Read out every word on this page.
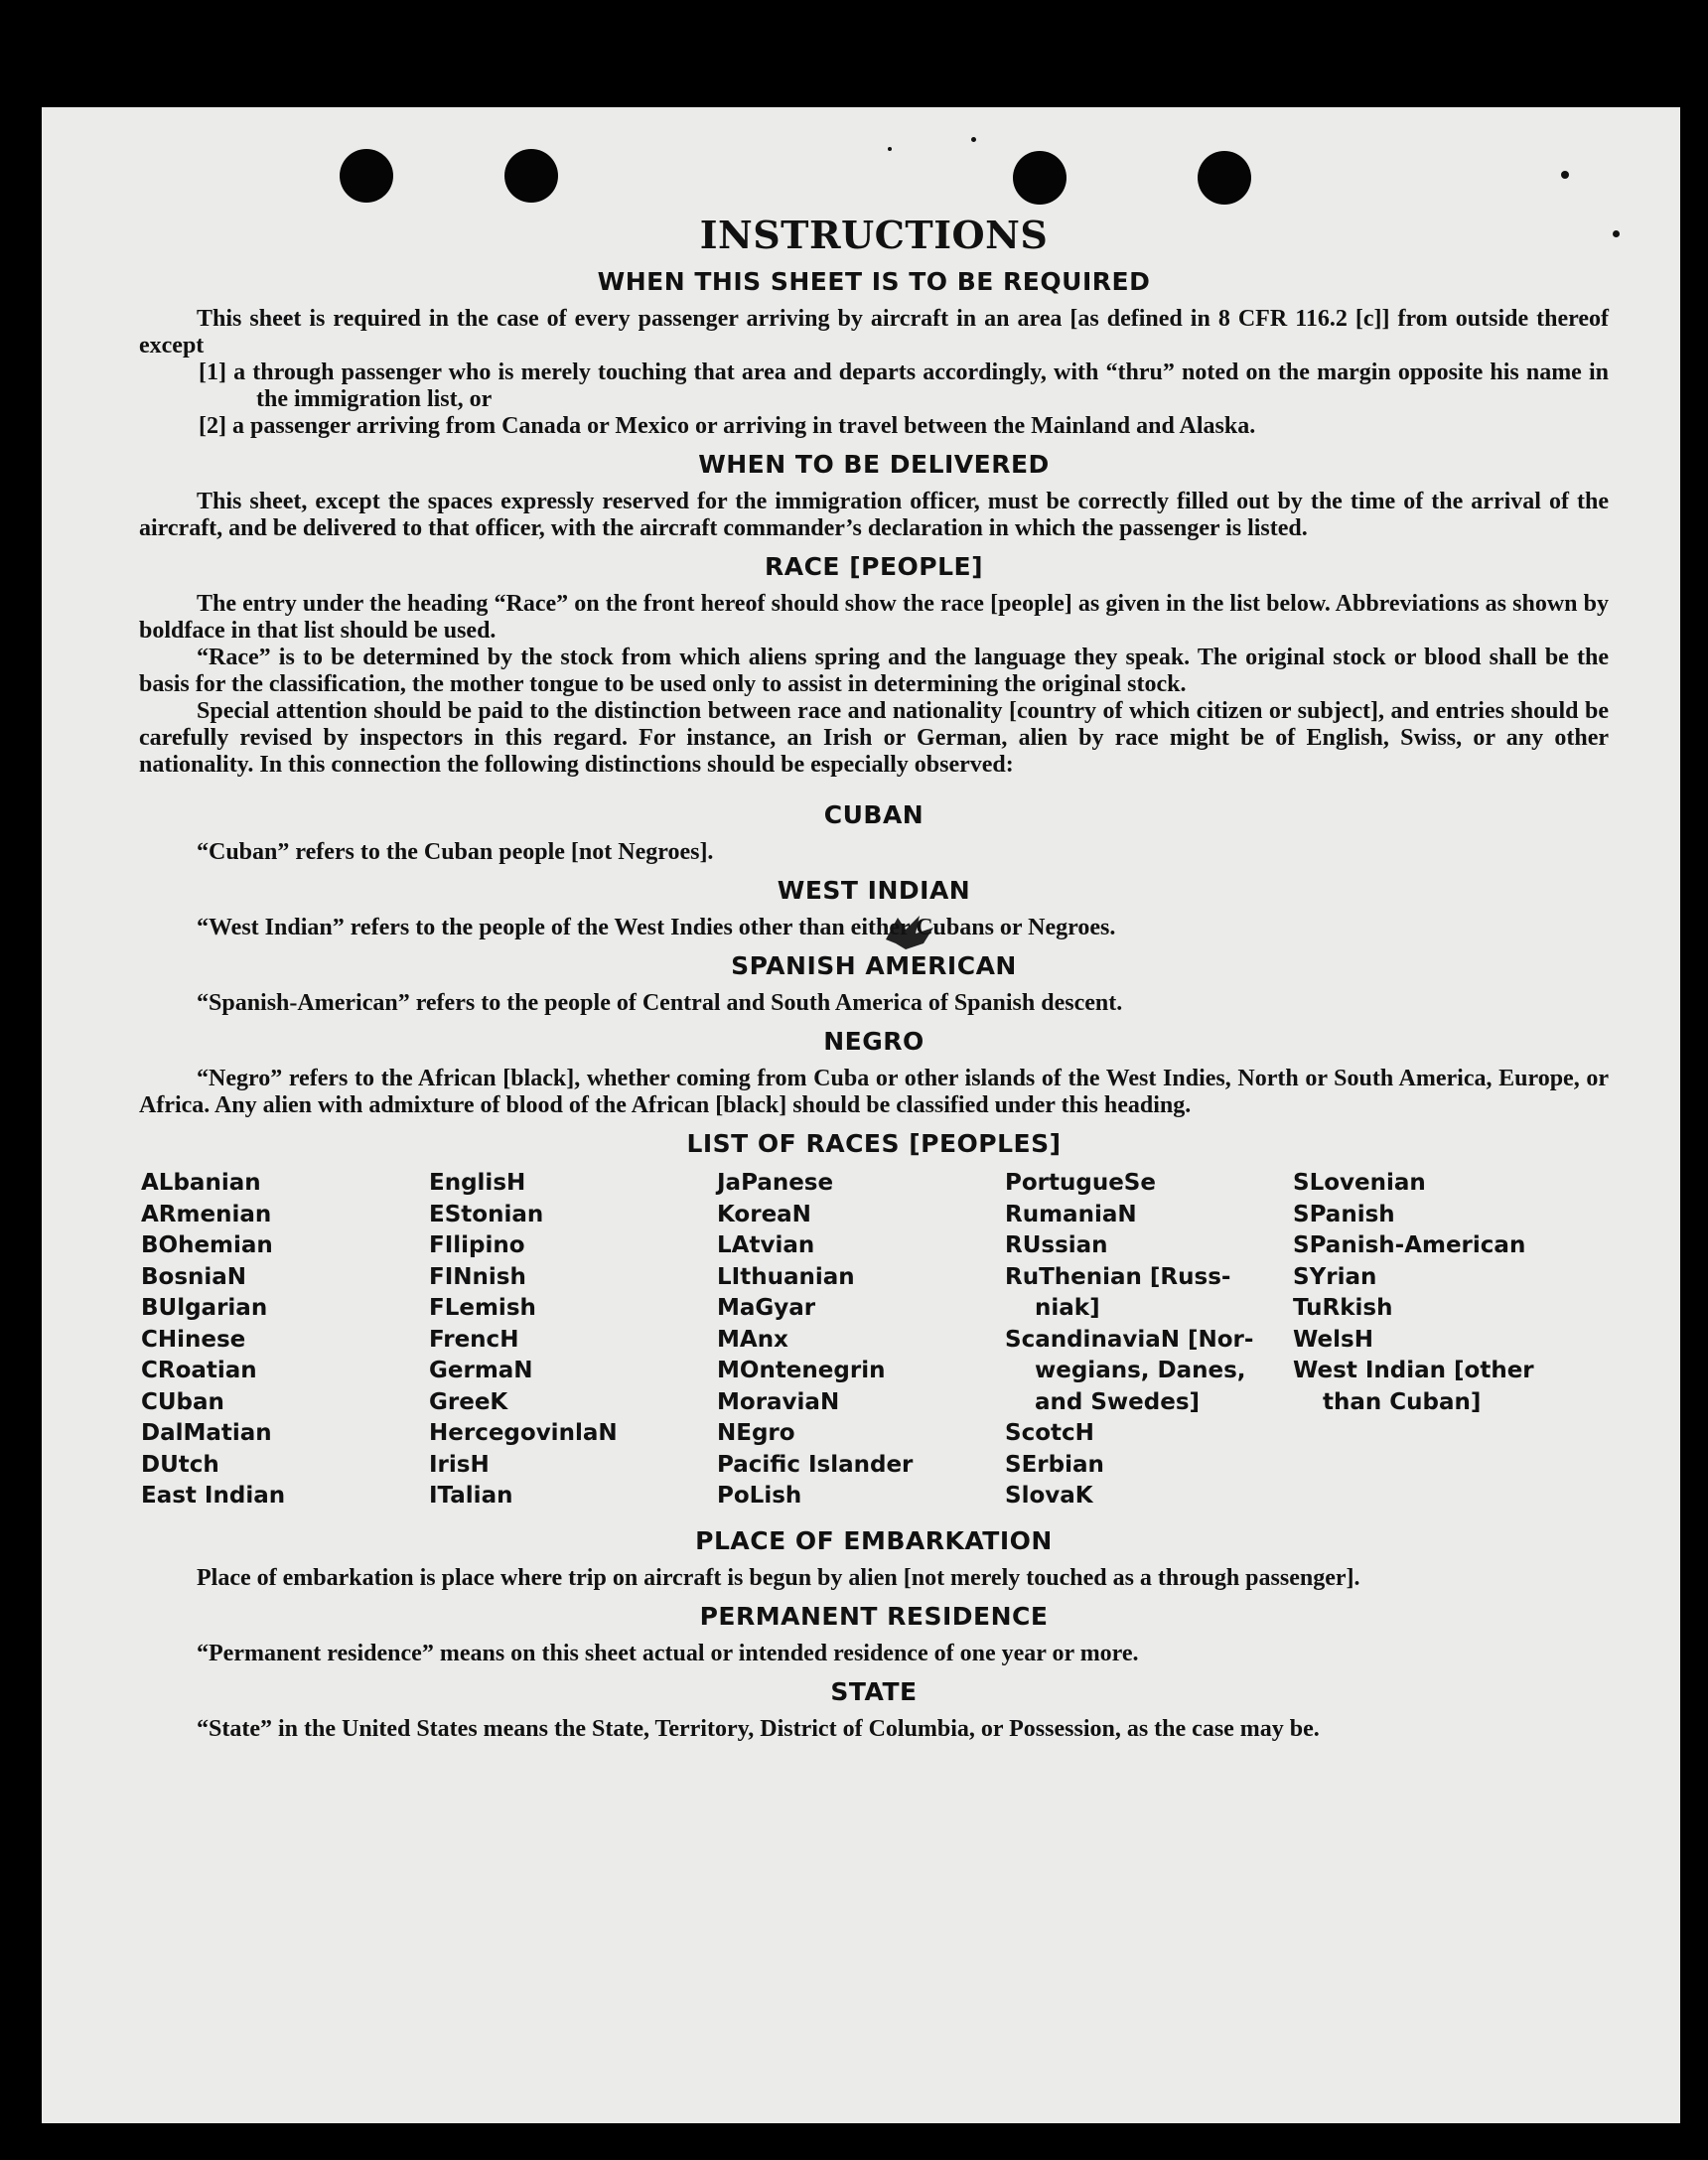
INSTRUCTIONS
WHEN THIS SHEET IS TO BE REQUIRED

This sheet is required in the case of every passenger arriving by aircraft in an area [as defined in 8 CFR 116.2 [c]] from outside thereof except

[1] a through passenger who is merely touching that area and departs accordingly, with “thru” noted on the margin opposite his name in the immigration list, or

[2] a passenger arriving from Canada or Mexico or arriving in travel between the Mainland and Alaska.

WHEN TO BE DELIVERED

This sheet, except the spaces expressly reserved for the immigration officer, must be correctly filled out by the time of the arrival of the aircraft, and be delivered to that officer, with the aircraft commander’s declaration in which the passenger is listed.

RACE [PEOPLE]

The entry under the heading “Race” on the front hereof should show the race [people] as given in the list below. Abbreviations as shown by boldface in that list should be used.

“Race” is to be determined by the stock from which aliens spring and the language they speak. The original stock or blood shall be the basis for the classification, the mother tongue to be used only to assist in determining the original stock.

Special attention should be paid to the distinction between race and nationality [country of which citizen or subject], and entries should be carefully revised by inspectors in this regard. For instance, an Irish or German, alien by race might be of English, Swiss, or any other nationality. In this connection the following distinctions should be especially observed:

CUBAN

“Cuban” refers to the Cuban people [not Negroes].

WEST INDIAN

“West Indian” refers to the people of the West Indies other than either Cubans or Negroes.

SPANISH AMERICAN

“Spanish-American” refers to the people of Central and South America of Spanish descent.

NEGRO

“Negro” refers to the African [black], whether coming from Cuba or other islands of the West Indies, North or South America, Europe, or Africa. Any alien with admixture of blood of the African [black] should be classified under this heading.

LIST OF RACES [PEOPLES]
ALbanian
ARmenian
BOhemian
BosniaN
BUlgarian
CHinese
CRoatian
CUban
DalMatian
DUtch
East Indian
EnglisH
EStonian
FIlipino
FINnish
FLemish
FrencH
GermaN
GreeK
HercegovinlaN
IrisH
ITalian
JaPanese
KoreaN
LAtvian
LIthuanian
MaGyar
MAnx
MOntenegrin
MoraviaN
NEgro
Pacific Islander
PoLish
PortugueSe
RumaniaN
RUssian
RuThenian [Russ-
niak]
ScandinaviaN [Nor-
wegians, Danes,
and Swedes]
ScotcH
SErbian
SlovaK
SLovenian
SPanish
SPanish-American
SYrian
TuRkish
WelsH
West Indian [other
than Cuban]
PLACE OF EMBARKATION

Place of embarkation is place where trip on aircraft is begun by alien [not merely touched as a through passenger].

PERMANENT RESIDENCE

“Permanent residence” means on this sheet actual or intended residence of one year or more.

STATE

“State” in the United States means the State, Territory, District of Columbia, or Possession, as the case may be.
